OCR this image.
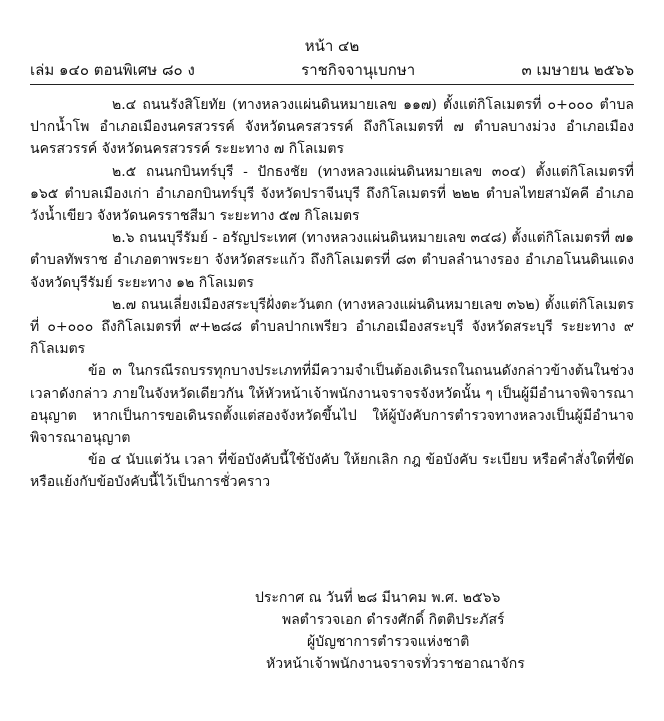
หน้า ๔๒
เล่ม ๑๔๐ ตอนพิเศษ ๘๐ ง	ราชกิจจานุเบกษา	๓ เมษายน ๒๕๖๖

๒.๔ ถนนรังสิโยทัย (ทางหลวงแผ่นดินหมายเลข ๑๑๗) ตั้งแต่กิโลเมตรที่ ๐+๐๐๐ ตำบลปากน้ำโพ อำเภอเมืองนครสวรรค์ จังหวัดนครสวรรค์ ถึงกิโลเมตรที่ ๗ ตำบลบางม่วง อำเภอเมืองนครสวรรค์ จังหวัดนครสวรรค์ ระยะทาง ๗ กิโลเมตร

๒.๕ ถนนกบินทร์บุรี - ปักธงชัย (ทางหลวงแผ่นดินหมายเลข ๓๐๔) ตั้งแต่กิโลเมตรที่ ๑๖๕ ตำบลเมืองเก่า อำเภอกบินทร์บุรี จังหวัดปราจีนบุรี ถึงกิโลเมตรที่ ๒๒๒ ตำบลไทยสามัคคี อำเภอวังน้ำเขียว จังหวัดนครราชสีมา ระยะทาง ๕๗ กิโลเมตร

๒.๖ ถนนบุรีรัมย์ - อรัญประเทศ (ทางหลวงแผ่นดินหมายเลข ๓๔๘) ตั้งแต่กิโลเมตรที่ ๗๑ ตำบลทัพราช อำเภอตาพระยา จังหวัดสระแก้ว ถึงกิโลเมตรที่ ๘๓ ตำบลลำนางรอง อำเภอโนนดินแดง จังหวัดบุรีรัมย์ ระยะทาง ๑๒ กิโลเมตร

๒.๗ ถนนเลี่ยงเมืองสระบุรีฝั่งตะวันตก (ทางหลวงแผ่นดินหมายเลข ๓๖๒) ตั้งแต่กิโลเมตรที่ ๐+๐๐๐ ถึงกิโลเมตรที่ ๙+๒๘๘ ตำบลปากเพรียว อำเภอเมืองสระบุรี จังหวัดสระบุรี ระยะทาง ๙ กิโลเมตร

ข้อ ๓ ในกรณีรถบรรทุกบางประเภทที่มีความจำเป็นต้องเดินรถในถนนดังกล่าวข้างต้นในช่วงเวลาดังกล่าว ภายในจังหวัดเดียวกัน ให้หัวหน้าเจ้าพนักงานจราจรจังหวัดนั้น ๆ เป็นผู้มีอำนาจพิจารณาอนุญาต หากเป็นการขอเดินรถตั้งแต่สองจังหวัดขึ้นไป ให้ผู้บังคับการตำรวจทางหลวงเป็นผู้มีอำนาจพิจารณาอนุญาต

ข้อ ๔ นับแต่วัน เวลา ที่ข้อบังคับนี้ใช้บังคับ ให้ยกเลิก กฎ ข้อบังคับ ระเบียบ หรือคำสั่งใดที่ขัดหรือแย้งกับข้อบังคับนี้ไว้เป็นการชั่วคราว

ประกาศ ณ วันที่ ๒๘ มีนาคม พ.ศ. ๒๕๖๖
พลตำรวจเอก ดำรงศักดิ์ กิตติประภัสร์
ผู้บัญชาการตำรวจแห่งชาติ
หัวหน้าเจ้าพนักงานจราจรทั่วราชอาณาจักร
